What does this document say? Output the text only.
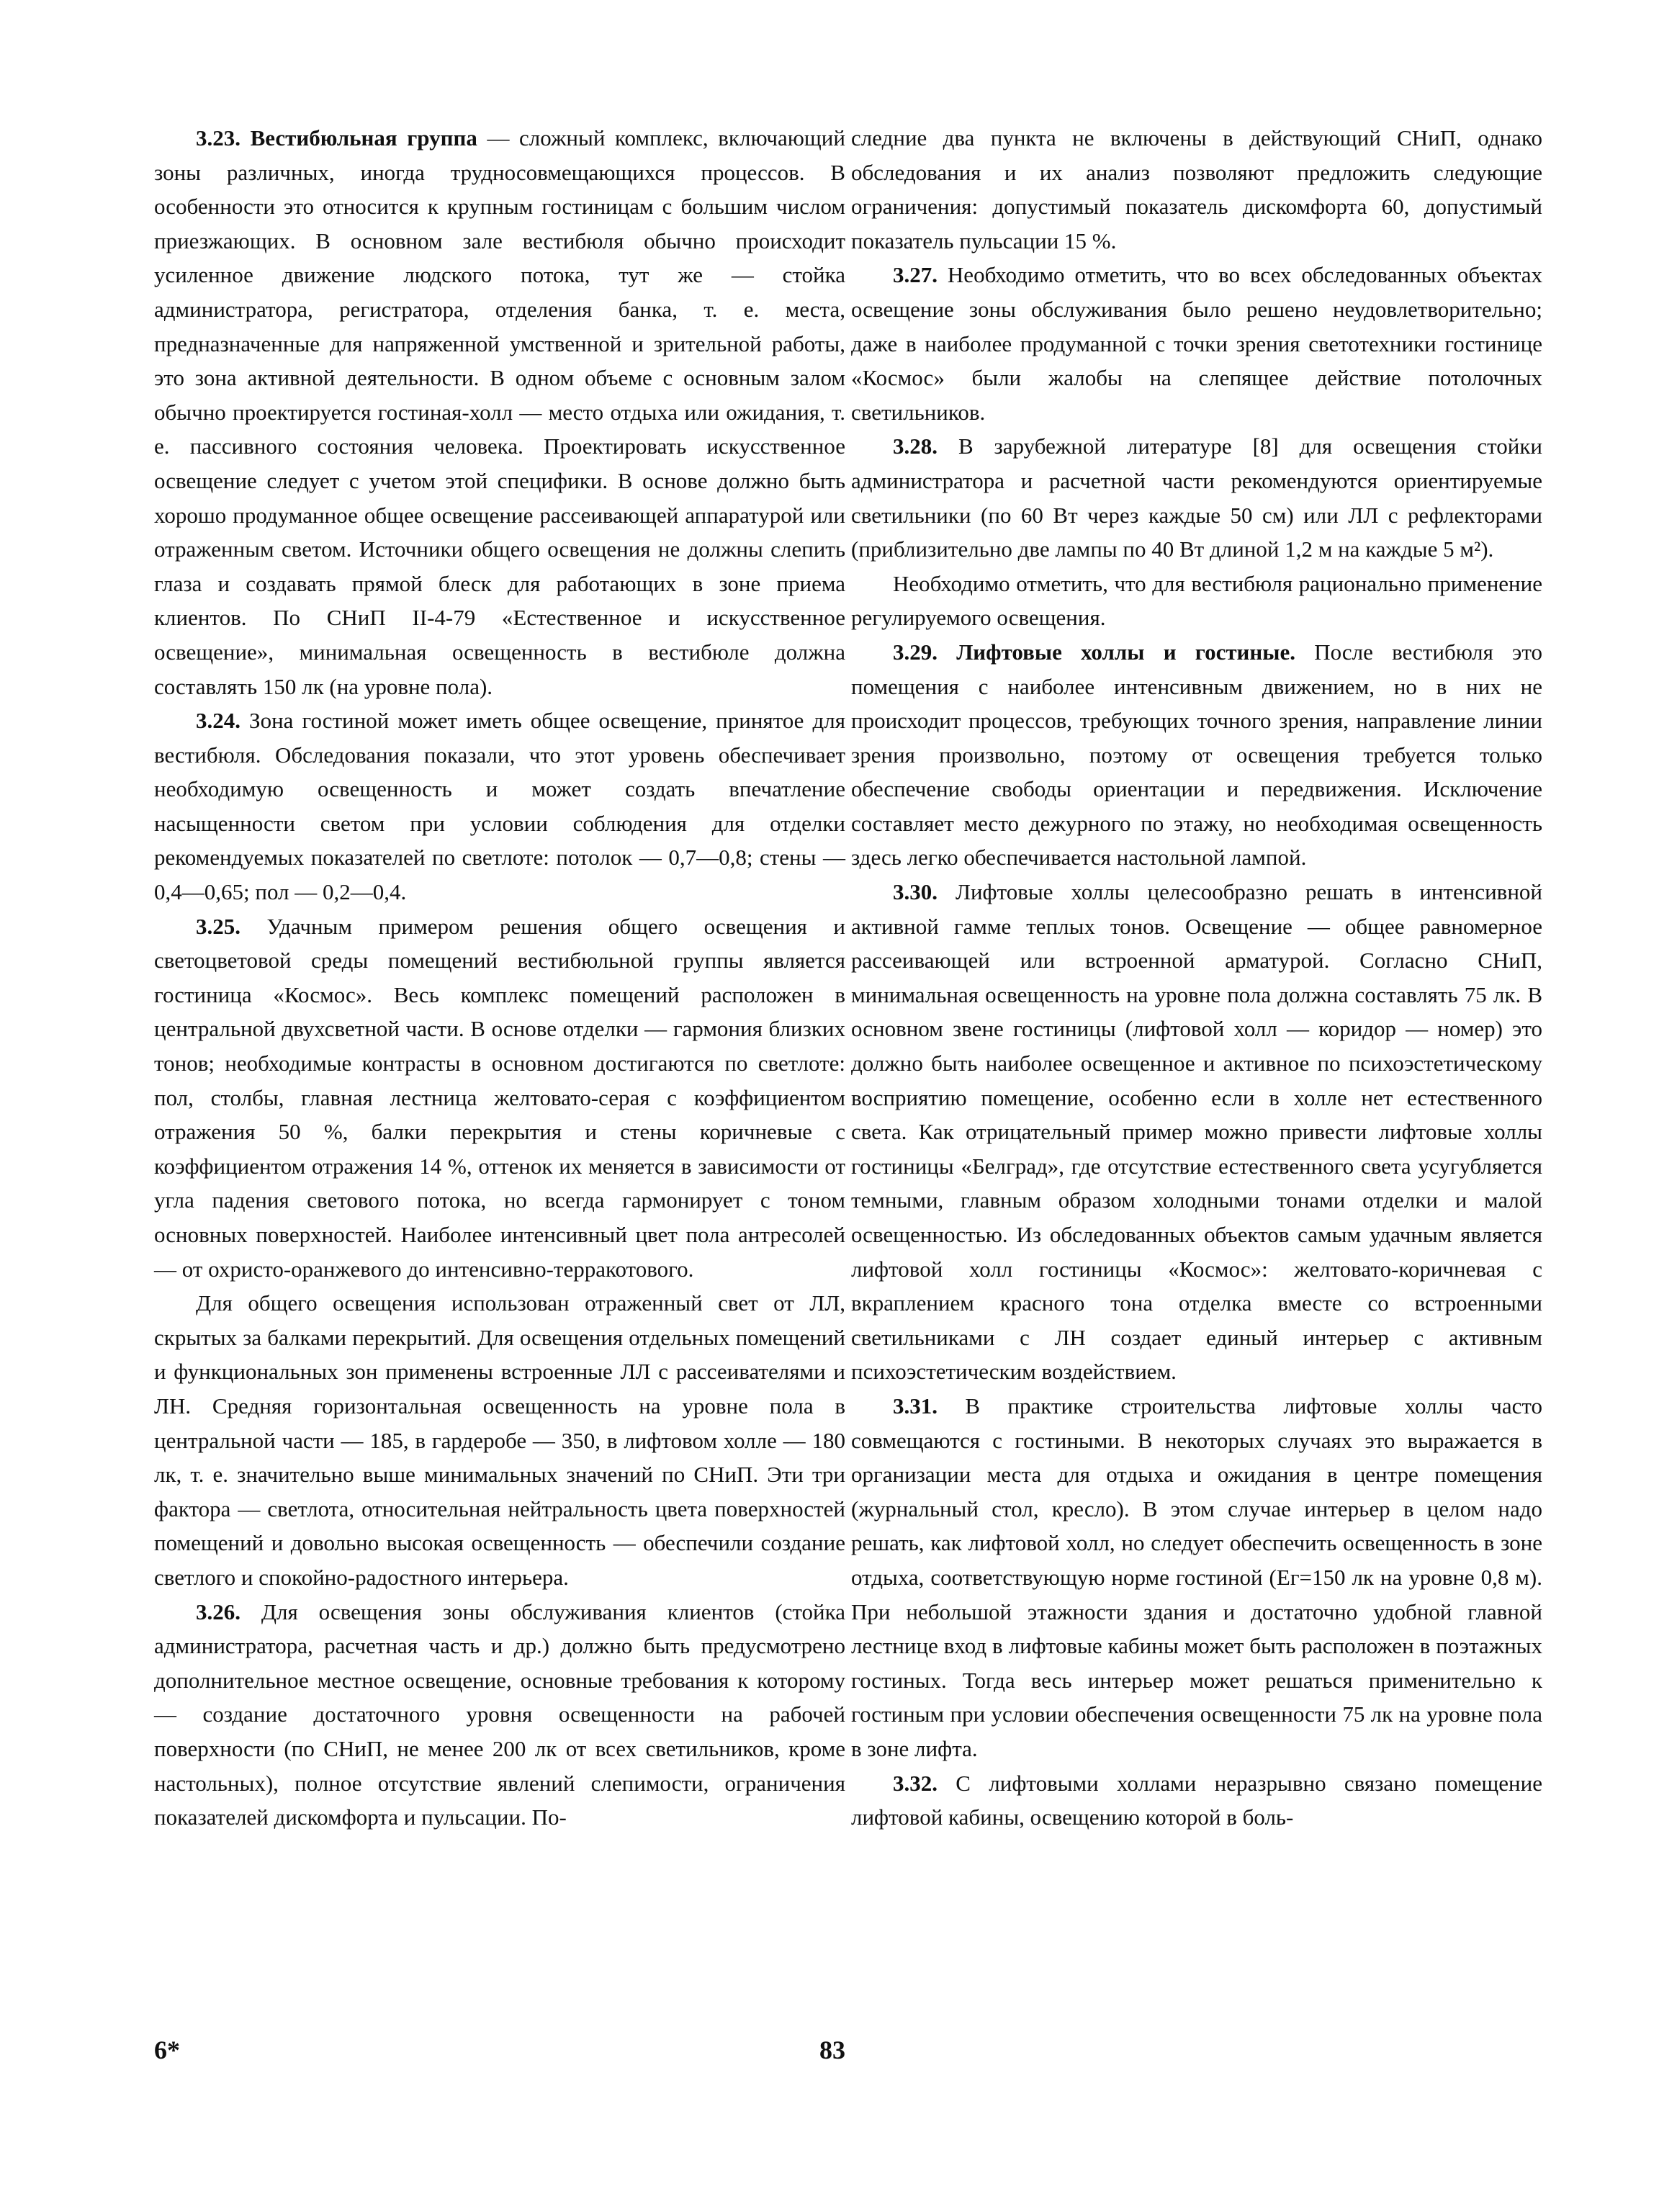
3.23. Вестибюльная группа — сложный комплекс, включающий зоны различных, иногда трудносовмещающихся процессов. В особенности это относится к крупным гостиницам с большим числом приезжающих. В основном зале вестибюля обычно происходит усиленное движение людского потока, тут же — стойка администратора, регистратора, отделения банка, т. е. места, предназначенные для напряженной умственной и зрительной работы, это зона активной деятельности. В одном объеме с основным залом обычно проектируется гостиная-холл — место отдыха или ожидания, т. е. пассивного состояния человека. Проектировать искусственное освещение следует с учетом этой специфики. В основе должно быть хорошо продуманное общее освещение рассеивающей аппаратурой или отраженным светом. Источники общего освещения не должны слепить глаза и создавать прямой блеск для работающих в зоне приема клиентов. По СНиП II-4-79 «Естественное и искусственное освещение», минимальная освещенность в вестибюле должна составлять 150 лк (на уровне пола).

3.24. Зона гостиной может иметь общее освещение, принятое для вестибюля. Обследования показали, что этот уровень обеспечивает необходимую освещенность и может создать впечатление насыщенности светом при условии соблюдения для отделки рекомендуемых показателей по светлоте: потолок — 0,7—0,8; стены — 0,4—0,65; пол — 0,2—0,4.

3.25. Удачным примером решения общего освещения и светоцветовой среды помещений вестибюльной группы является гостиница «Космос». Весь комплекс помещений расположен в центральной двухсветной части. В основе отделки — гармония близких тонов; необходимые контрасты в основном достигаются по светлоте: пол, столбы, главная лестница желтовато-серая с коэффициентом отражения 50 %, балки перекрытия и стены коричневые с коэффициентом отражения 14 %, оттенок их меняется в зависимости от угла падения светового потока, но всегда гармонирует с тоном основных поверхностей. Наиболее интенсивный цвет пола антресолей — от охристо-оранжевого до интенсивно-терракотового.

Для общего освещения использован отраженный свет от ЛЛ, скрытых за балками перекрытий. Для освещения отдельных помещений и функциональных зон применены встроенные ЛЛ с рассеивателями и ЛН. Средняя горизонтальная освещенность на уровне пола в центральной части — 185, в гардеробе — 350, в лифтовом холле — 180 лк, т. е. значительно выше минимальных значений по СНиП. Эти три фактора — светлота, относительная нейтральность цвета поверхностей помещений и довольно высокая освещенность — обеспечили создание светлого и спокойно-радостного интерьера.

3.26. Для освещения зоны обслуживания клиентов (стойка администратора, расчетная часть и др.) должно быть предусмотрено дополнительное местное освещение, основные требования к которому — создание достаточного уровня освещенности на рабочей поверхности (по СНиП, не менее 200 лк от всех светильников, кроме настольных), полное отсутствие явлений слепимости, ограничения показателей дискомфорта и пульсации. По-

следние два пункта не включены в действующий СНиП, однако обследования и их анализ позволяют предложить следующие ограничения: допустимый показатель дискомфорта 60, допустимый показатель пульсации 15 %.

3.27. Необходимо отметить, что во всех обследованных объектах освещение зоны обслуживания было решено неудовлетворительно; даже в наиболее продуманной с точки зрения светотехники гостинице «Космос» были жалобы на слепящее действие потолочных светильников.

3.28. В зарубежной литературе [8] для освещения стойки администратора и расчетной части рекомендуются ориентируемые светильники (по 60 Вт через каждые 50 см) или ЛЛ с рефлекторами (приблизительно две лампы по 40 Вт длиной 1,2 м на каждые 5 м²).

Необходимо отметить, что для вестибюля рационально применение регулируемого освещения.

3.29. Лифтовые холлы и гостиные. После вестибюля это помещения с наиболее интенсивным движением, но в них не происходит процессов, требующих точного зрения, направление линии зрения произвольно, поэтому от освещения требуется только обеспечение свободы ориентации и передвижения. Исключение составляет место дежурного по этажу, но необходимая освещенность здесь легко обеспечивается настольной лампой.

3.30. Лифтовые холлы целесообразно решать в интенсивной активной гамме теплых тонов. Освещение — общее равномерное рассеивающей или встроенной арматурой. Согласно СНиП, минимальная освещенность на уровне пола должна составлять 75 лк. В основном звене гостиницы (лифтовой холл — коридор — номер) это должно быть наиболее освещенное и активное по психоэстетическому восприятию помещение, особенно если в холле нет естественного света. Как отрицательный пример можно привести лифтовые холлы гостиницы «Белград», где отсутствие естественного света усугубляется темными, главным образом холодными тонами отделки и малой освещенностью. Из обследованных объектов самым удачным является лифтовой холл гостиницы «Космос»: желтовато-коричневая с вкраплением красного тона отделка вместе со встроенными светильниками с ЛН создает единый интерьер с активным психоэстетическим воздействием.

3.31. В практике строительства лифтовые холлы часто совмещаются с гостиными. В некоторых случаях это выражается в организации места для отдыха и ожидания в центре помещения (журнальный стол, кресло). В этом случае интерьер в целом надо решать, как лифтовой холл, но следует обеспечить освещенность в зоне отдыха, соответствующую норме гостиной (Eг=150 лк на уровне 0,8 м). При небольшой этажности здания и достаточно удобной главной лестнице вход в лифтовые кабины может быть расположен в поэтажных гостиных. Тогда весь интерьер может решаться применительно к гостиным при условии обеспечения освещенности 75 лк на уровне пола в зоне лифта.

3.32. С лифтовыми холлами неразрывно связано помещение лифтовой кабины, освещению которой в боль-

6*	83
